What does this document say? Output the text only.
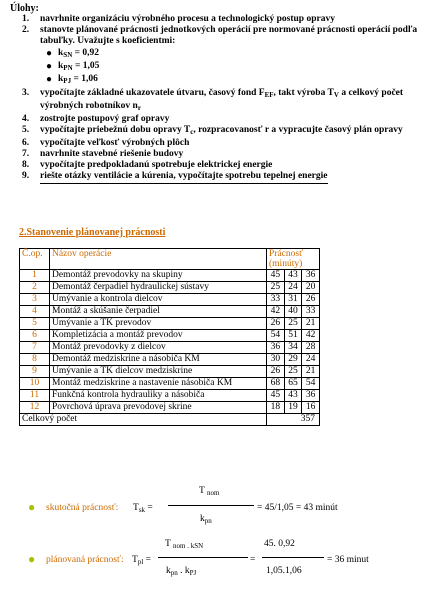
Úlohy:
1. navrhnite organizáciu výrobného procesu a technologický postup opravy
2. stanovte plánované prácnosti jednotkových operácií pre normované prácnosti operácií podľa tabuľky. Uvažujte s koeficientmi:
● $k_{SN} = 0,92$
● $k_{PN} = 1,05$
● $k_{PJ} = 1,06$
3. vypočítajte základné ukazovatele útvaru, časový fond $F_{EF}$, takt výroba $T_V$ a celkový počet výrobných robotníkov $n_r$
4. zostrojte postupový graf opravy
5. vypočítajte priebežnú dobu opravy $T_c$, rozpracovanosť r a vypracujte časový plán opravy
6. vypočítajte veľkosť výrobných plôch
7. navrhnite stavebné riešenie budovy
8. vypočítajte predpokladanú spotrebuje elektrickej energie
9. riešte otázky ventilácie a kúrenia, vypočítajte spotrebu tepelnej energie
2.Stanovenie plánovanej prácnosti
Č.op.	Názov operácie	Prácnosť (minúty)		
1	Demontáž prevodovky na skupiny	45	43	36
2	Demontáž čerpadiel hydraulickej sústavy	25	24	20
3	Umývanie a kontrola dielcov	33	31	26
4	Montáž a skúšanie čerpadiel	42	40	33
5	Umývanie a TK prevodov	26	25	21
6	Kompletizácia a montáž prevodov	54	51	42
7	Montáž prevodovky z dielcov	36	34	28
8	Demontáž medziskrine a násobiča KM	30	29	24
9	Umývanie a TK dielcov medziskrine	26	25	21
10	Montáž medziskrine a nastavenie násobiča KM	68	65	54
11	Funkčná kontrola hydrauliky a násobiča	45	43	36
12	Povrchová úprava prevodovej skrine	18	19	16
Celkový počet		357		
● skutočná prácnosť: $T_{sk}$ =
T $_{nom}$
$k_{pn}$
= 45/1,05 = 43 minút
● plánovaná prácnosť: $T_{pl}$ =
T $_{nom . kSN}$
$k_{pn}$ . $k_{PJ}$
=
45. 0,92
1,05.1,06
= 36 minut
